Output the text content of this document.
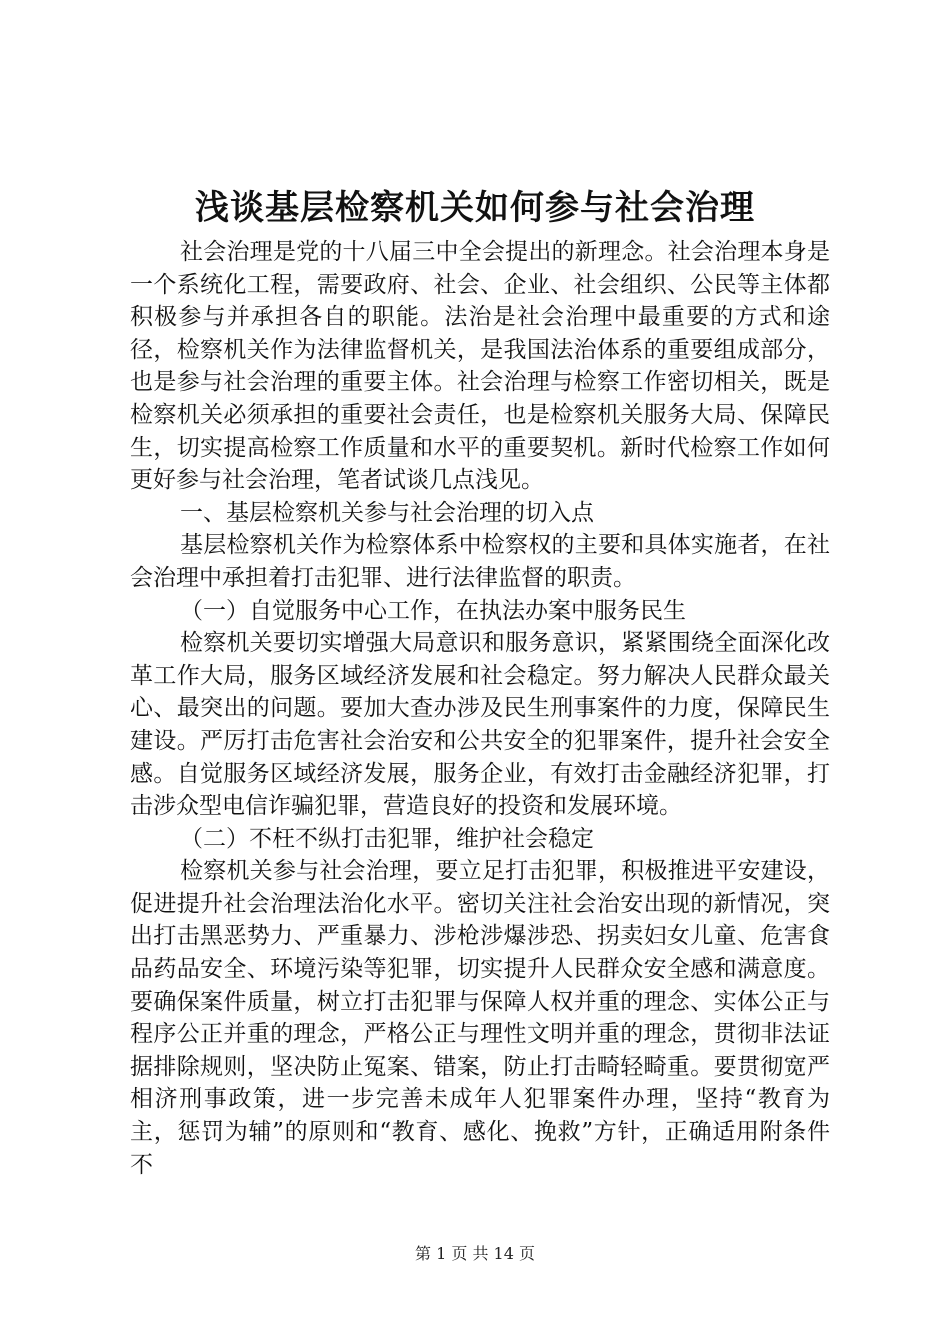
浅谈基层检察机关如何参与社会治理

社会治理是党的十八届三中全会提出的新理念。社会治理本身是一个系统化工程，需要政府、社会、企业、社会组织、公民等主体都积极参与并承担各自的职能。法治是社会治理中最重要的方式和途径，检察机关作为法律监督机关，是我国法治体系的重要组成部分，也是参与社会治理的重要主体。社会治理与检察工作密切相关，既是检察机关必须承担的重要社会责任，也是检察机关服务大局、保障民生，切实提高检察工作质量和水平的重要契机。新时代检察工作如何更好参与社会治理，笔者试谈几点浅见。

一、基层检察机关参与社会治理的切入点

基层检察机关作为检察体系中检察权的主要和具体实施者，在社会治理中承担着打击犯罪、进行法律监督的职责。

（一）自觉服务中心工作，在执法办案中服务民生

检察机关要切实增强大局意识和服务意识，紧紧围绕全面深化改革工作大局，服务区域经济发展和社会稳定。努力解决人民群众最关心、最突出的问题。要加大查办涉及民生刑事案件的力度，保障民生建设。严厉打击危害社会治安和公共安全的犯罪案件，提升社会安全感。自觉服务区域经济发展，服务企业，有效打击金融经济犯罪，打击涉众型电信诈骗犯罪，营造良好的投资和发展环境。

（二）不枉不纵打击犯罪，维护社会稳定

检察机关参与社会治理，要立足打击犯罪，积极推进平安建设，促进提升社会治理法治化水平。密切关注社会治安出现的新情况，突出打击黑恶势力、严重暴力、涉枪涉爆涉恐、拐卖妇女儿童、危害食品药品安全、环境污染等犯罪，切实提升人民群众安全感和满意度。要确保案件质量，树立打击犯罪与保障人权并重的理念、实体公正与程序公正并重的理念，严格公正与理性文明并重的理念，贯彻非法证据排除规则，坚决防止冤案、错案，防止打击畸轻畸重。要贯彻宽严相济刑事政策，进一步完善未成年人犯罪案件办理，坚持“教育为主，惩罚为辅”的原则和“教育、感化、挽救”方针，正确适用附条件不

第 1 页 共 14 页
